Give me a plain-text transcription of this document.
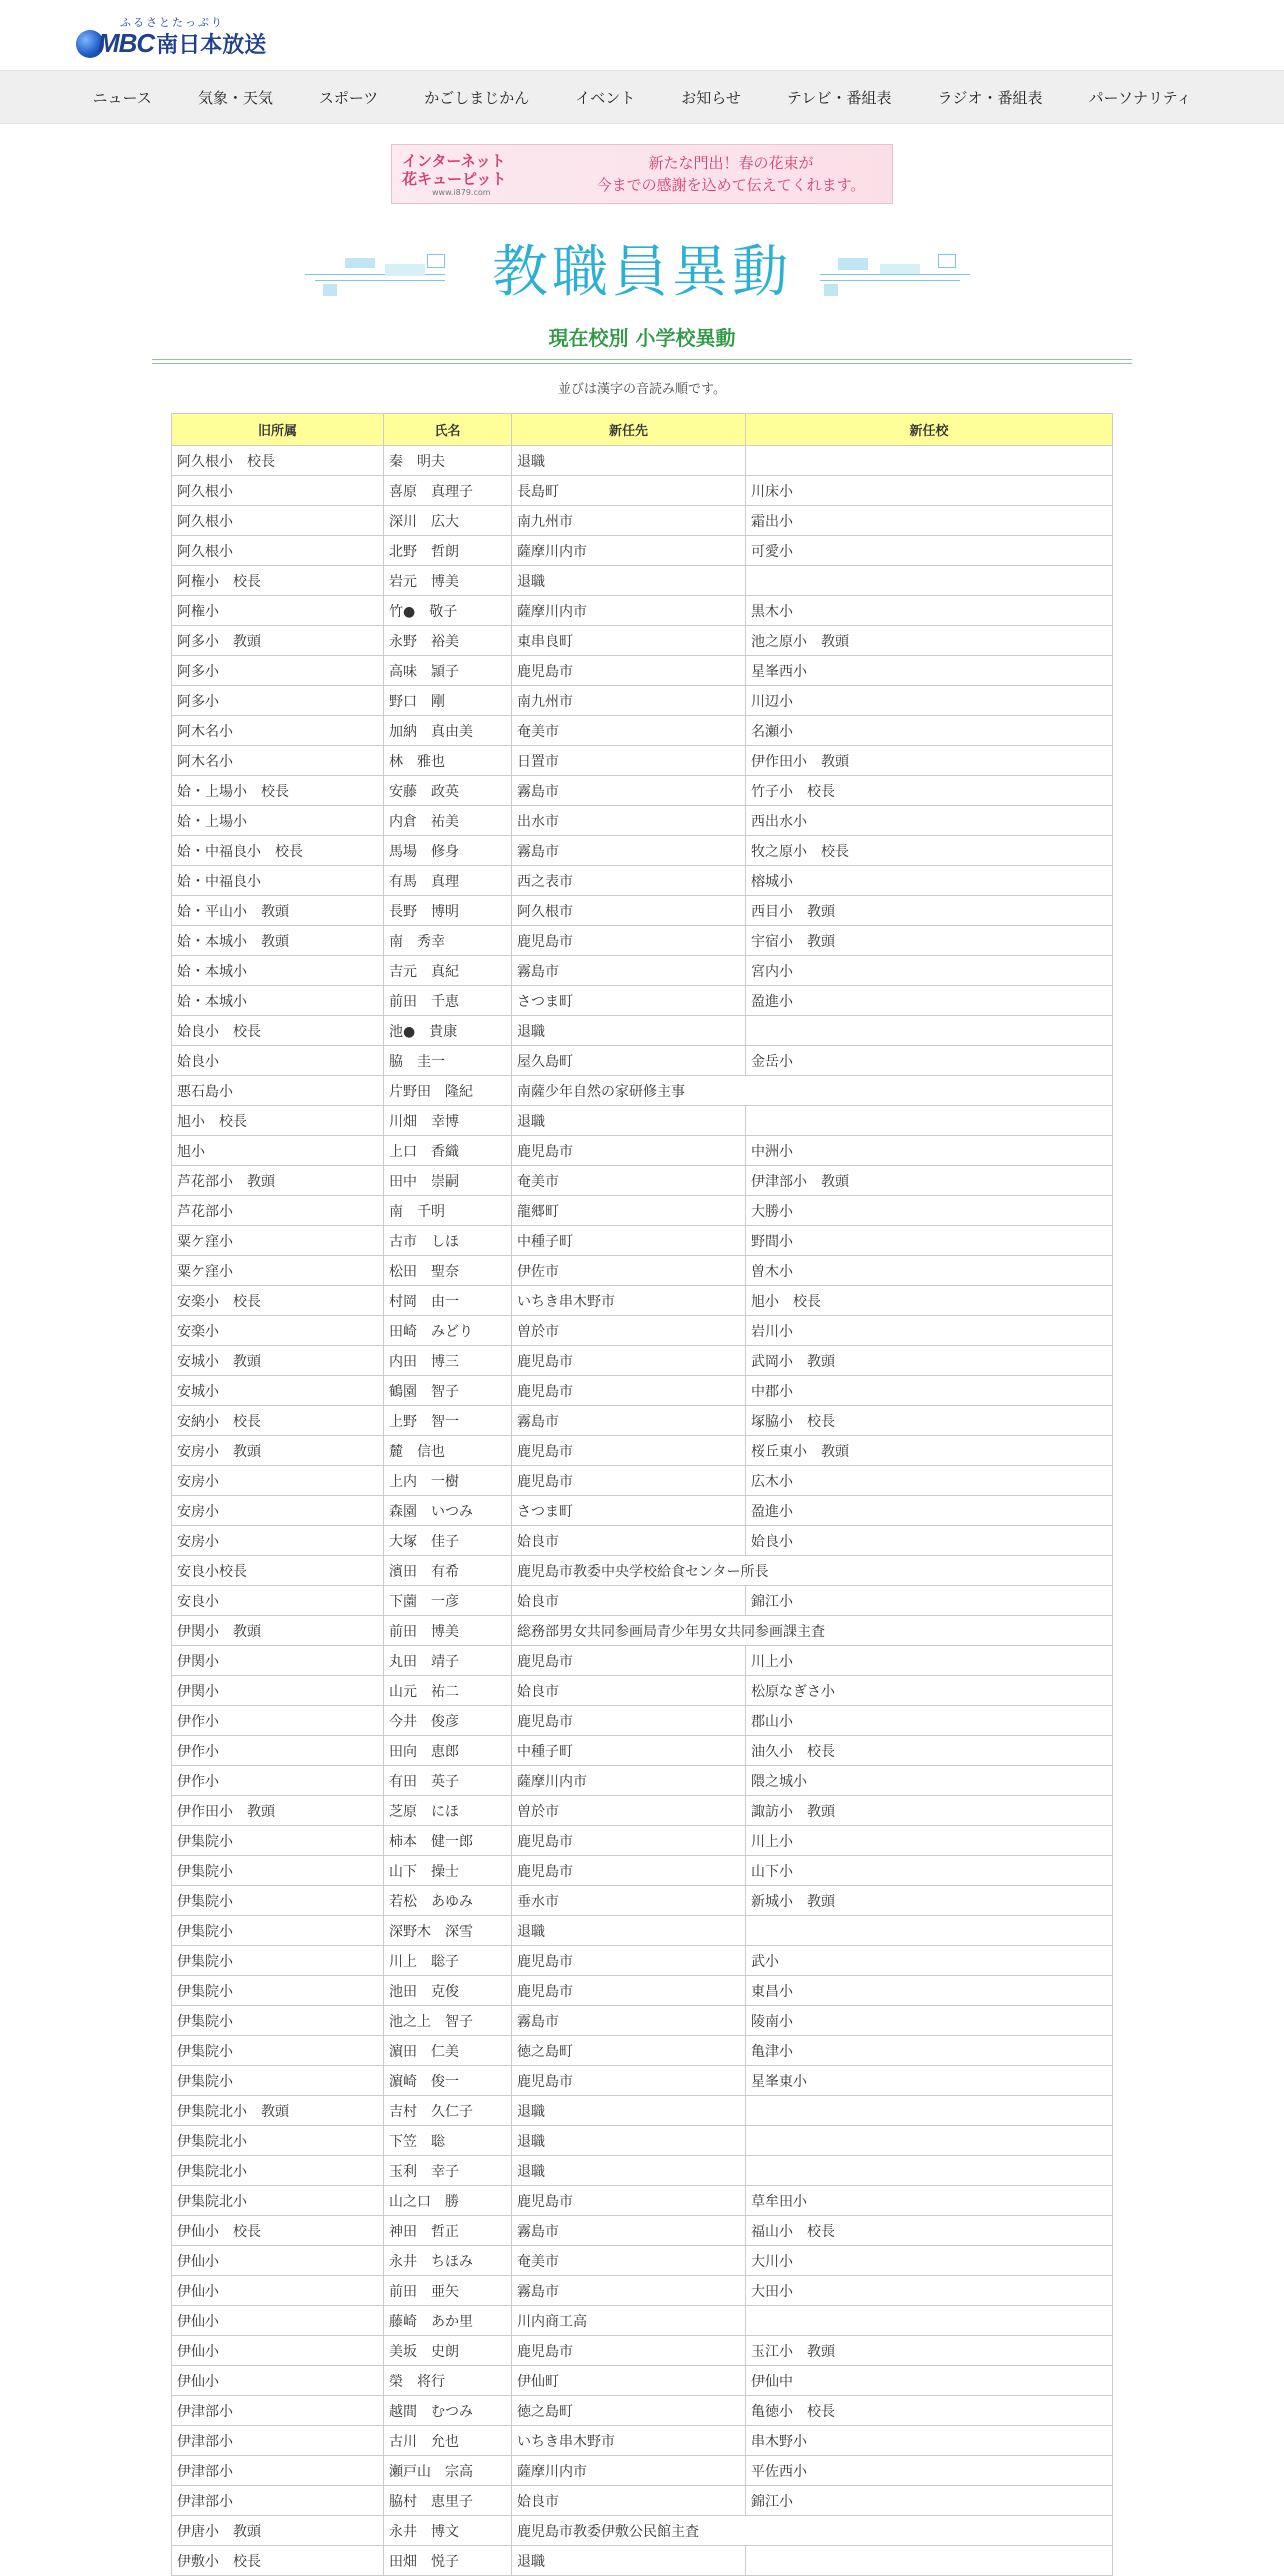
ふるさとたっぷり
MBC 南日本放送
ニュース	気象・天気	スポーツ	かごしまじかん	イベント	お知らせ	テレビ・番組表	ラジオ・番組表	パーソナリティ
インターネット
花キューピット
www.i879.com
新たな門出！春の花束が
今までの感謝を込めて伝えてくれます。
教職員異動
現在校別 小学校異動
並びは漢字の音読み順です。
旧所属	氏名	新任先	新任校
阿久根小　校長	秦　明夫	退職	
阿久根小	喜原　真理子	長島町	川床小
阿久根小	深川　広大	南九州市	霜出小
阿久根小	北野　哲朗	薩摩川内市	可愛小
阿権小　校長	岩元　博美	退職	
阿権小	竹●　敬子	薩摩川内市	黒木小
阿多小　教頭	永野　裕美	東串良町	池之原小　教頭
阿多小	高味　頴子	鹿児島市	星峯西小
阿多小	野口　剛	南九州市	川辺小
阿木名小	加納　真由美	奄美市	名瀬小
阿木名小	林　雅也	日置市	伊作田小　教頭
姶・上場小　校長	安藤　政英	霧島市	竹子小　校長
姶・上場小	内倉　祐美	出水市	西出水小
姶・中福良小　校長	馬場　修身	霧島市	牧之原小　校長
姶・中福良小	有馬　真理	西之表市	榕城小
姶・平山小　教頭	長野　博明	阿久根市	西目小　教頭
姶・本城小　教頭	南　秀幸	鹿児島市	宇宿小　教頭
姶・本城小	吉元　真紀	霧島市	宮内小
姶・本城小	前田　千恵	さつま町	盈進小
姶良小　校長	池●　貴康	退職	
姶良小	脇　圭一	屋久島町	金岳小
悪石島小	片野田　隆紀	南薩少年自然の家研修主事	
旭小　校長	川畑　幸博	退職	
旭小	上口　香織	鹿児島市	中洲小
芦花部小　教頭	田中　崇嗣	奄美市	伊津部小　教頭
芦花部小	南　千明	龍郷町	大勝小
粟ケ窪小	古市　しほ	中種子町	野間小
粟ケ窪小	松田　聖奈	伊佐市	曽木小
安楽小　校長	村岡　由一	いちき串木野市	旭小　校長
安楽小	田崎　みどり	曽於市	岩川小
安城小　教頭	内田　博三	鹿児島市	武岡小　教頭
安城小	鶴園　智子	鹿児島市	中郡小
安納小　校長	上野　智一	霧島市	塚脇小　校長
安房小　教頭	麓　信也	鹿児島市	桜丘東小　教頭
安房小	上内　一樹	鹿児島市	広木小
安房小	森園　いつみ	さつま町	盈進小
安房小	大塚　佳子	姶良市	姶良小
安良小校長	濱田　有希	鹿児島市教委中央学校給食センター所長	
安良小	下薗　一彦	姶良市	錦江小
伊関小　教頭	前田　博美	総務部男女共同参画局青少年男女共同参画課主査	
伊関小	丸田　靖子	鹿児島市	川上小
伊関小	山元　祐二	姶良市	松原なぎさ小
伊作小	今井　俊彦	鹿児島市	郡山小
伊作小	田向　恵郎	中種子町	油久小　校長
伊作小	有田　英子	薩摩川内市	隈之城小
伊作田小　教頭	芝原　にほ	曽於市	諏訪小　教頭
伊集院小	柿本　健一郎	鹿児島市	川上小
伊集院小	山下　操士	鹿児島市	山下小
伊集院小	若松　あゆみ	垂水市	新城小　教頭
伊集院小	深野木　深雪	退職	
伊集院小	川上　聡子	鹿児島市	武小
伊集院小	池田　克俊	鹿児島市	東昌小
伊集院小	池之上　智子	霧島市	陵南小
伊集院小	濵田　仁美	徳之島町	亀津小
伊集院小	濵崎　俊一	鹿児島市	星峯東小
伊集院北小　教頭	吉村　久仁子	退職	
伊集院北小	下笠　聡	退職	
伊集院北小	玉利　幸子	退職	
伊集院北小	山之口　勝	鹿児島市	草牟田小
伊仙小　校長	神田　哲正	霧島市	福山小　校長
伊仙小	永井　ちほみ	奄美市	大川小
伊仙小	前田　亜矢	霧島市	大田小
伊仙小	藤崎　あか里	川内商工高	
伊仙小	美坂　史朗	鹿児島市	玉江小　教頭
伊仙小	榮　将行	伊仙町	伊仙中
伊津部小	越間　むつみ	徳之島町	亀徳小　校長
伊津部小	古川　允也	いちき串木野市	串木野小
伊津部小	瀬戸山　宗高	薩摩川内市	平佐西小
伊津部小	脇村　恵里子	姶良市	錦江小
伊唐小　教頭	永井　博文	鹿児島市教委伊敷公民館主査	
伊敷小　校長	田畑　悦子	退職	
